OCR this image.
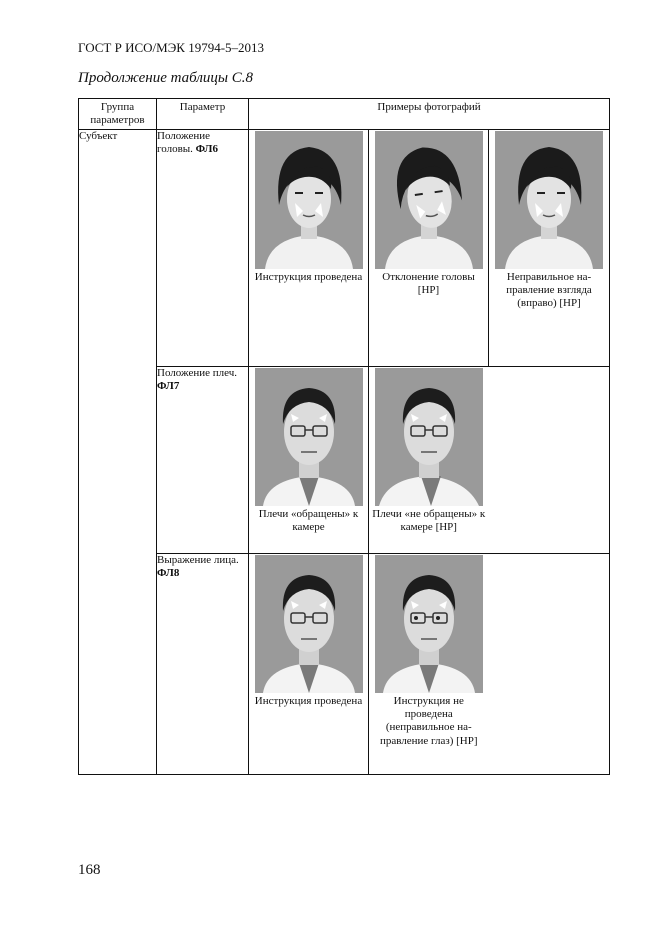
ГОСТ Р ИСО/МЭК 19794-5–2013
Продолжение таблицы С.8
Группа параметров	Параметр	Примеры фотографий		
Субъект	Положение головы. ФЛ6	Инструкция проведена	Отклонение головы [НР]	Неправильное на-правление взгляда (вправо) [НР]

	Положение плеч. ФЛ7	Плечи «обращены» к камере	Плечи «не обращены» к камере [НР]	

	Выражение лица. ФЛ8	Инструкция проведена	Инструкция не проведена (неправильное на-правление глаз) [НР]	

168
